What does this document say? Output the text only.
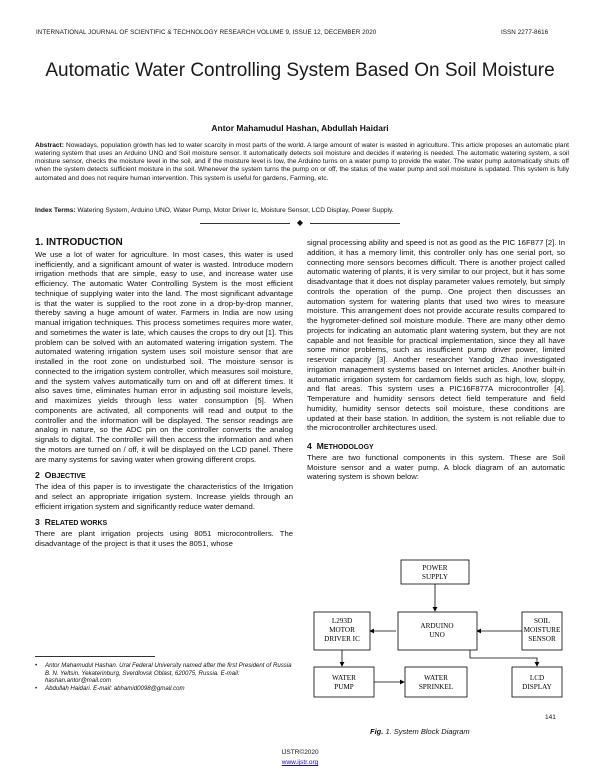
INTERNATIONAL JOURNAL OF SCIENTIFIC & TECHNOLOGY RESEARCH VOLUME 9, ISSUE 12, DECEMBER 2020	ISSN 2277-8616
Automatic Water Controlling System Based On Soil Moisture
Antor Mahamudul Hashan, Abdullah Haidari
Abstract: Nowadays, population growth has led to water scarcity in most parts of the world. A large amount of water is wasted in agriculture. This article proposes an automatic plant watering system that uses an Arduino UNO and Soil moisture sensor. It automatically detects soil moisture and decides if watering is needed. The automatic watering system, a soil moisture sensor, checks the moisture level in the soil, and if the moisture level is low, the Arduino turns on a water pump to provide the water. The water pump automatically shuts off when the system detects sufficient moisture in the soil. Whenever the system turns the pump on or off, the status of the water pump and soil moisture is updated. This system is fully automated and does not require human intervention. This system is useful for gardens, Farming, etc.
Index Terms: Watering System, Arduino UNO, Water Pump, Motor Driver Ic, Moisture Sensor, LCD Display, Power Supply.
◆

1. INTRODUCTION

We use a lot of water for agriculture. In most cases, this water is used inefficiently, and a significant amount of water is wasted. Introduce modern irrigation methods that are simple, easy to use, and increase water use efficiency. The automatic Water Controlling System is the most efficient technique of supplying water into the land. The most significant advantage is that the water is supplied to the root zone in a drop-by-drop manner, thereby saving a huge amount of water. Farmers in India are now using manual irrigation techniques. This process sometimes requires more water, and sometimes the water is late, which causes the crops to dry out [1]. This problem can be solved with an automated watering irrigation system. The automated watering irrigation system uses soil moisture sensor that are installed in the root zone on undisturbed soil. The moisture sensor is connected to the irrigation system controller, which measures soil moisture, and the system valves automatically turn on and off at different times. It also saves time, eliminates human error in adjusting soil moisture levels, and maximizes yields through less water consumption [5]. When components are activated, all components will read and output to the controller and the information will be displayed. The sensor readings are analog in nature, so the ADC pin on the controller converts the analog signals to digital. The controller will then access the information and when the motors are turned on / off, it will be displayed on the LCD panel. There are many systems for saving water when growing different crops.

2 OBJECTIVE

The idea of this paper is to investigate the characteristics of the Irrigation and select an appropriate irrigation system. Increase yields through an efficient irrigation system and significantly reduce water demand.

3 RELATED WORKS

There are plant irrigation projects using 8051 microcontrollers. The disadvantage of the project is that it uses the 8051, whose

•	Antor Mahamudul Hashan. Ural Federal University named after the first President of Russia B. N. Yeltsin. Yekaterinburg, Sverdlovsk Oblast, 620075, Russia. E-mail: hashan.antor@mail.com
•	Abdullah Haidari. E-mail: abhamid0098@gmail.com

signal processing ability and speed is not as good as the PIC 16F877 [2]. In addition, it has a memory limit, this controller only has one serial port, so connecting more sensors becomes difficult. There is another project called automatic watering of plants, it is very similar to our project, but it has some disadvantage that it does not display parameter values remotely, but simply controls the operation of the pump. One project then discusses an automation system for watering plants that used two wires to measure moisture. This arrangement does not provide accurate results compared to the hygrometer-defined soil moisture module. There are many other demo projects for indicating an automatic plant watering system, but they are not capable and not feasible for practical implementation, since they all have some minor problems, such as insufficient pump driver power, limited reservoir capacity [3]. Another researcher Yandog Zhao investigated irrigation management systems based on Internet articles. Another built-in automatic irrigation system for cardamom fields such as high, low, sloppy, and flat areas. This system uses a PIC16F877A microcontroller [4]. Temperature and humidity sensors detect field temperature and field humidity, humidity sensor detects soil moisture, these conditions are updated at their base station. In addition, the system is not reliable due to the microcontroller architectures used.

4 METHODOLOGY

There are two functional components in this system. These are Soil Moisture sensor and a water pump. A block diagram of an automatic watering system is shown below:

POWER
SUPPLY
L293D
MOTOR
DRIVER IC
ARDUINO
UNO
SOIL
MOISTURE
SENSOR
WATER
PUMP
WATER
SPRINKEL
LCD
DISPLAY
Fig. 1. System Block Diagram
141
IJSTR©2020
www.ijstr.org
